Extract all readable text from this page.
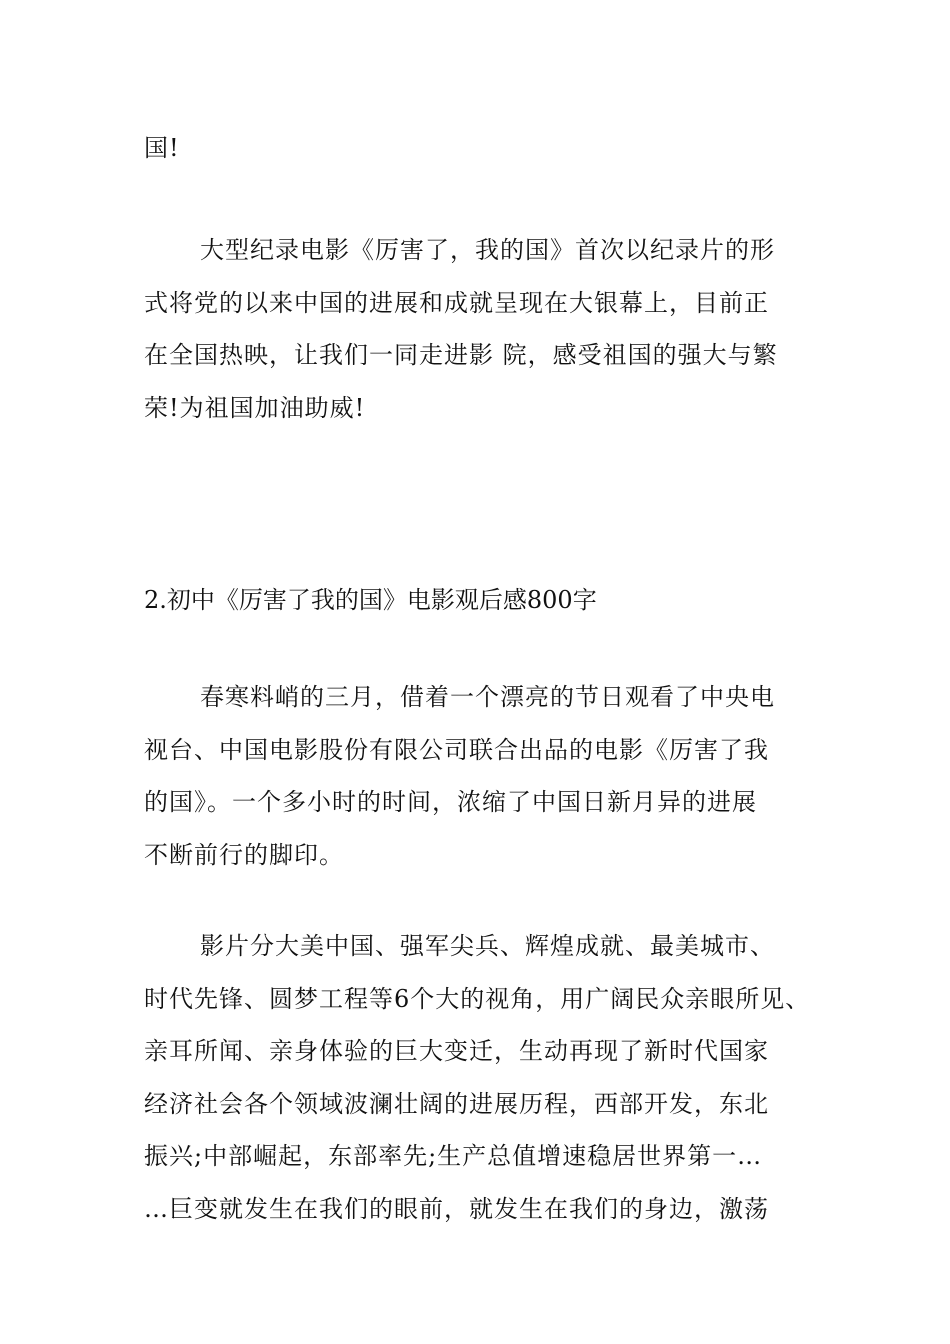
国!
大型纪录电影《厉害了，我的国》首次以纪录片的形
式将党的以来中国的进展和成就呈现在大银幕上，目前正
在全国热映，让我们一同走进影 院，感受祖国的强大与繁
荣!为祖国加油助威!
2.初中《厉害了我的国》电影观后感800字
春寒料峭的三月，借着一个漂亮的节日观看了中央电
视台、中国电影股份有限公司联合出品的电影《厉害了我
的国》。一个多小时的时间，浓缩了中国日新月异的进展
不断前行的脚印。
影片分大美中国、强军尖兵、辉煌成就、最美城市、
时代先锋、圆梦工程等6个大的视角，用广阔民众亲眼所见、
亲耳所闻、亲身体验的巨大变迁，生动再现了新时代国家
经济社会各个领域波澜壮阔的进展历程，西部开发，东北
振兴;中部崛起，东部率先;生产总值增速稳居世界第一…
…巨变就发生在我们的眼前，就发生在我们的身边，激荡
